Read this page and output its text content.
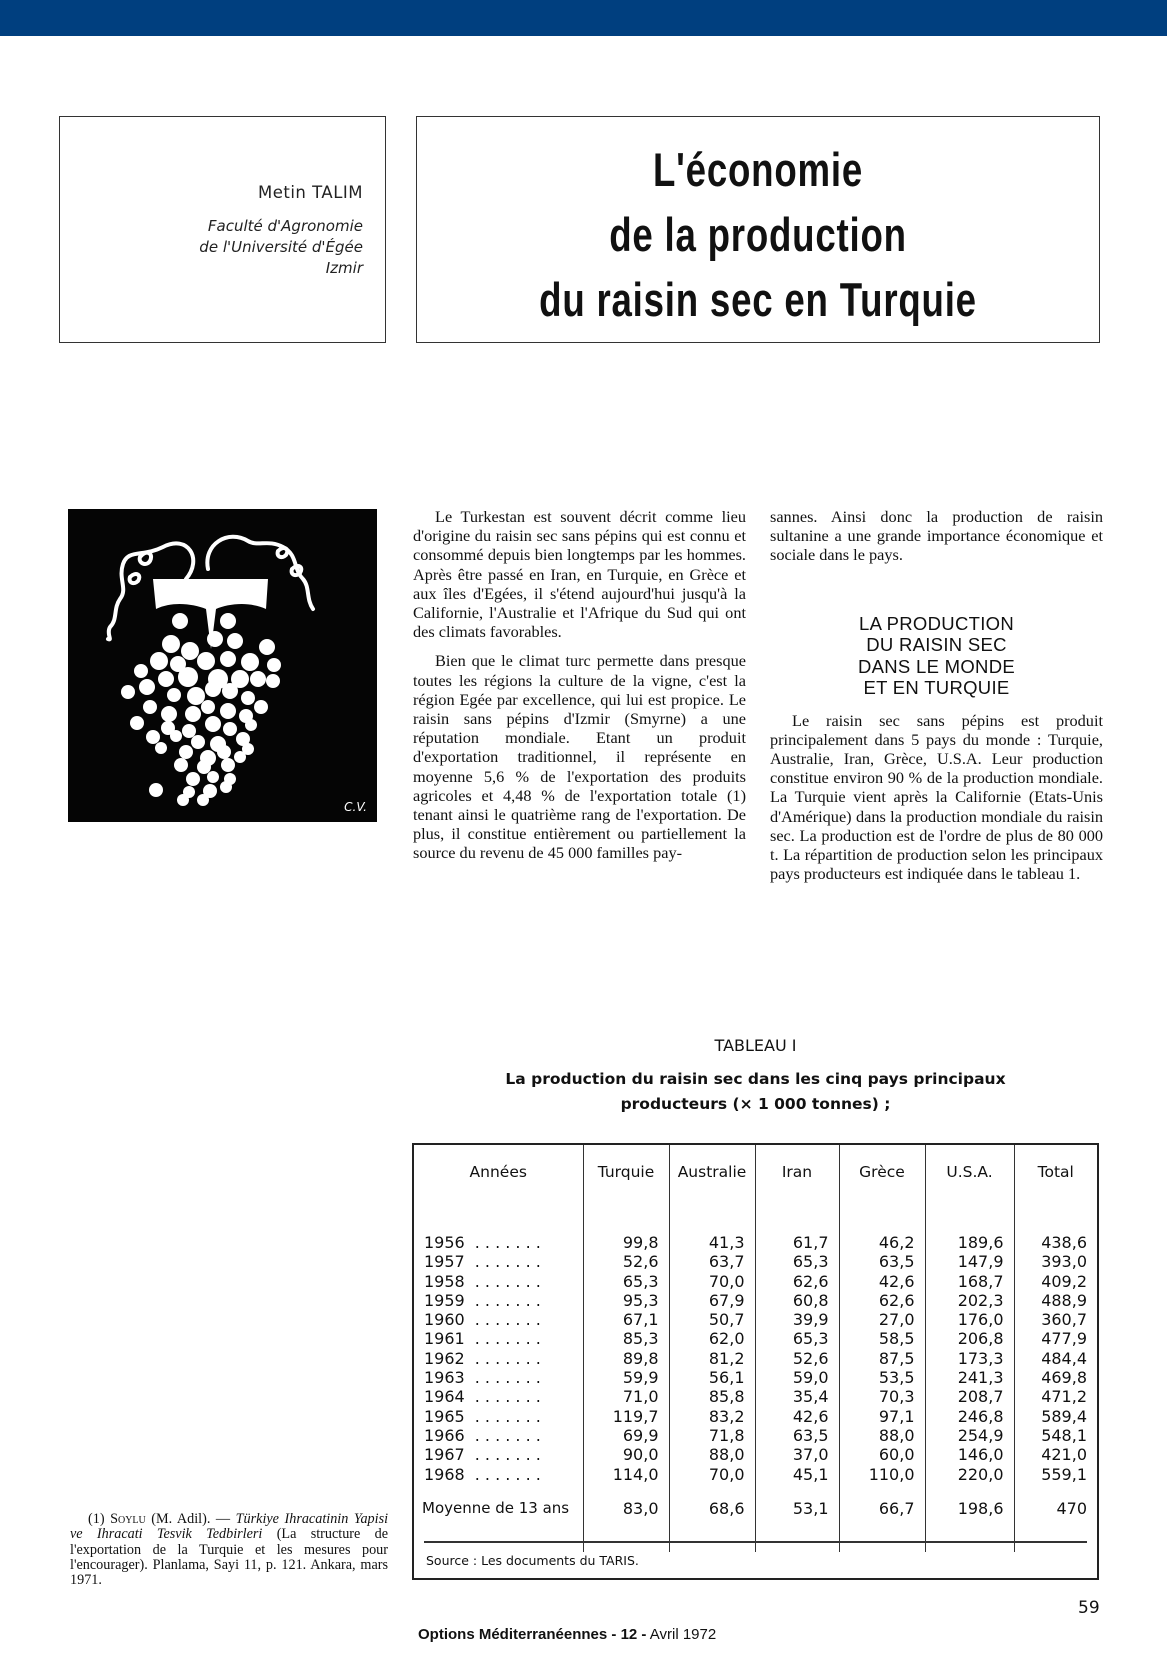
Metin TALIM
Faculté d'Agronomie
de l'Université d'Égée
Izmir
L'économie
de la production
du raisin sec en Turquie
C.V.

Le Turkestan est souvent décrit comme lieu d'origine du raisin sec sans pépins qui est connu et consommé depuis bien longtemps par les hommes. Après être passé en Iran, en Turquie, en Grèce et aux îles d'Egées, il s'étend aujourd'hui jusqu'à la Californie, l'Australie et l'Afrique du Sud qui ont des climats favorables.

Bien que le climat turc permette dans presque toutes les régions la culture de la vigne, c'est la région Egée par excellence, qui lui est propice. Le raisin sans pépins d'Izmir (Smyrne) a une réputation mondiale. Etant un produit d'exportation traditionnel, il représente en moyenne 5,6 % de l'exportation des produits agricoles et 4,48 % de l'exportation totale (1) tenant ainsi le quatrième rang de l'exportation. De plus, il constitue entièrement ou partiellement la source du revenu de 45 000 familles pay-

sannes. Ainsi donc la production de raisin sultanine a une grande importance économique et sociale dans le pays.

LA PRODUCTION
DU RAISIN SEC
DANS LE MONDE
ET EN TURQUIE

Le raisin sec sans pépins est produit principalement dans 5 pays du monde : Turquie, Australie, Iran, Grèce, U.S.A. Leur production constitue environ 90 % de la production mondiale. La Turquie vient après la Californie (Etats-Unis d'Amérique) dans la production mondiale du raisin sec. La production est de l'ordre de plus de 80 000 t. La répartition de production selon les principaux pays producteurs est indiquée dans le tableau 1.

TABLEAU I
La production du raisin sec dans les cinq pays principaux
producteurs (× 1 000 tonnes) ;
Années	Turquie	Australie	Iran	Grèce	U.S.A.	Total

1956 . . . . . . .	99,8	41,3	61,7	46,2	189,6	438,6
1957 . . . . . . .	52,6	63,7	65,3	63,5	147,9	393,0
1958 . . . . . . .	65,3	70,0	62,6	42,6	168,7	409,2
1959 . . . . . . .	95,3	67,9	60,8	62,6	202,3	488,9
1960 . . . . . . .	67,1	50,7	39,9	27,0	176,0	360,7
1961 . . . . . . .	85,3	62,0	65,3	58,5	206,8	477,9
1962 . . . . . . .	89,8	81,2	52,6	87,5	173,3	484,4
1963 . . . . . . .	59,9	56,1	59,0	53,5	241,3	469,8
1964 . . . . . . .	71,0	85,8	35,4	70,3	208,7	471,2
1965 . . . . . . .	119,7	83,2	42,6	97,1	246,8	589,4
1966 . . . . . . .	69,9	71,8	63,5	88,0	254,9	548,1
1967 . . . . . . .	90,0	88,0	37,0	60,0	146,0	421,0
1968 . . . . . . .	114,0	70,0	45,1	110,0	220,0	559,1
Moyenne de 13 ans	83,0	68,6	53,1	66,7	198,6	470

Source : Les documents du TARIS.
(1) Soylu (M. Adil). — Türkiye Ihracatinin Yapisi ve Ihracati Tesvik Tedbirleri (La structure de l'exportation de la Turquie et les mesures pour l'encourager). Planlama, Sayi 11, p. 121. Ankara, mars 1971.
59
Options Méditerranéennes - 12 - Avril 1972
